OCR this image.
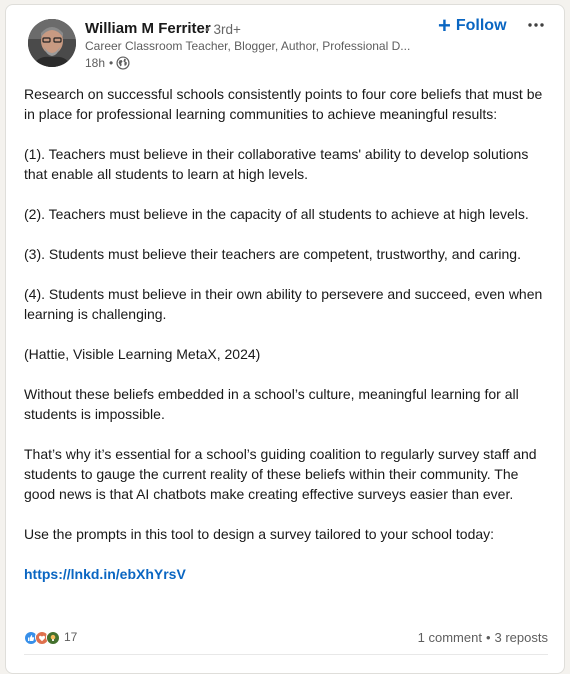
William M Ferriter
• 3rd+
Career Classroom Teacher, Blogger, Author, Professional D...
18h •
+ Follow

Research on successful schools consistently points to four core beliefs that must be in place for professional learning communities to achieve meaningful results:

(1). Teachers must believe in their collaborative teams' ability to develop solutions that enable all students to learn at high levels.

(2). Teachers must believe in the capacity of all students to achieve at high levels.

(3). Students must believe their teachers are competent, trustworthy, and caring.

(4). Students must believe in their own ability to persevere and succeed, even when learning is challenging.

(Hattie, Visible Learning MetaX, 2024)

Without these beliefs embedded in a school’s culture, meaningful learning for all students is impossible.

That’s why it’s essential for a school’s guiding coalition to regularly survey staff and students to gauge the current reality of these beliefs within their community. The good news is that AI chatbots make creating effective surveys easier than ever.

Use the prompts in this tool to design a survey tailored to your school today:

https://lnkd.in/ebXhYrsV

17	1 comment • 3 reposts
